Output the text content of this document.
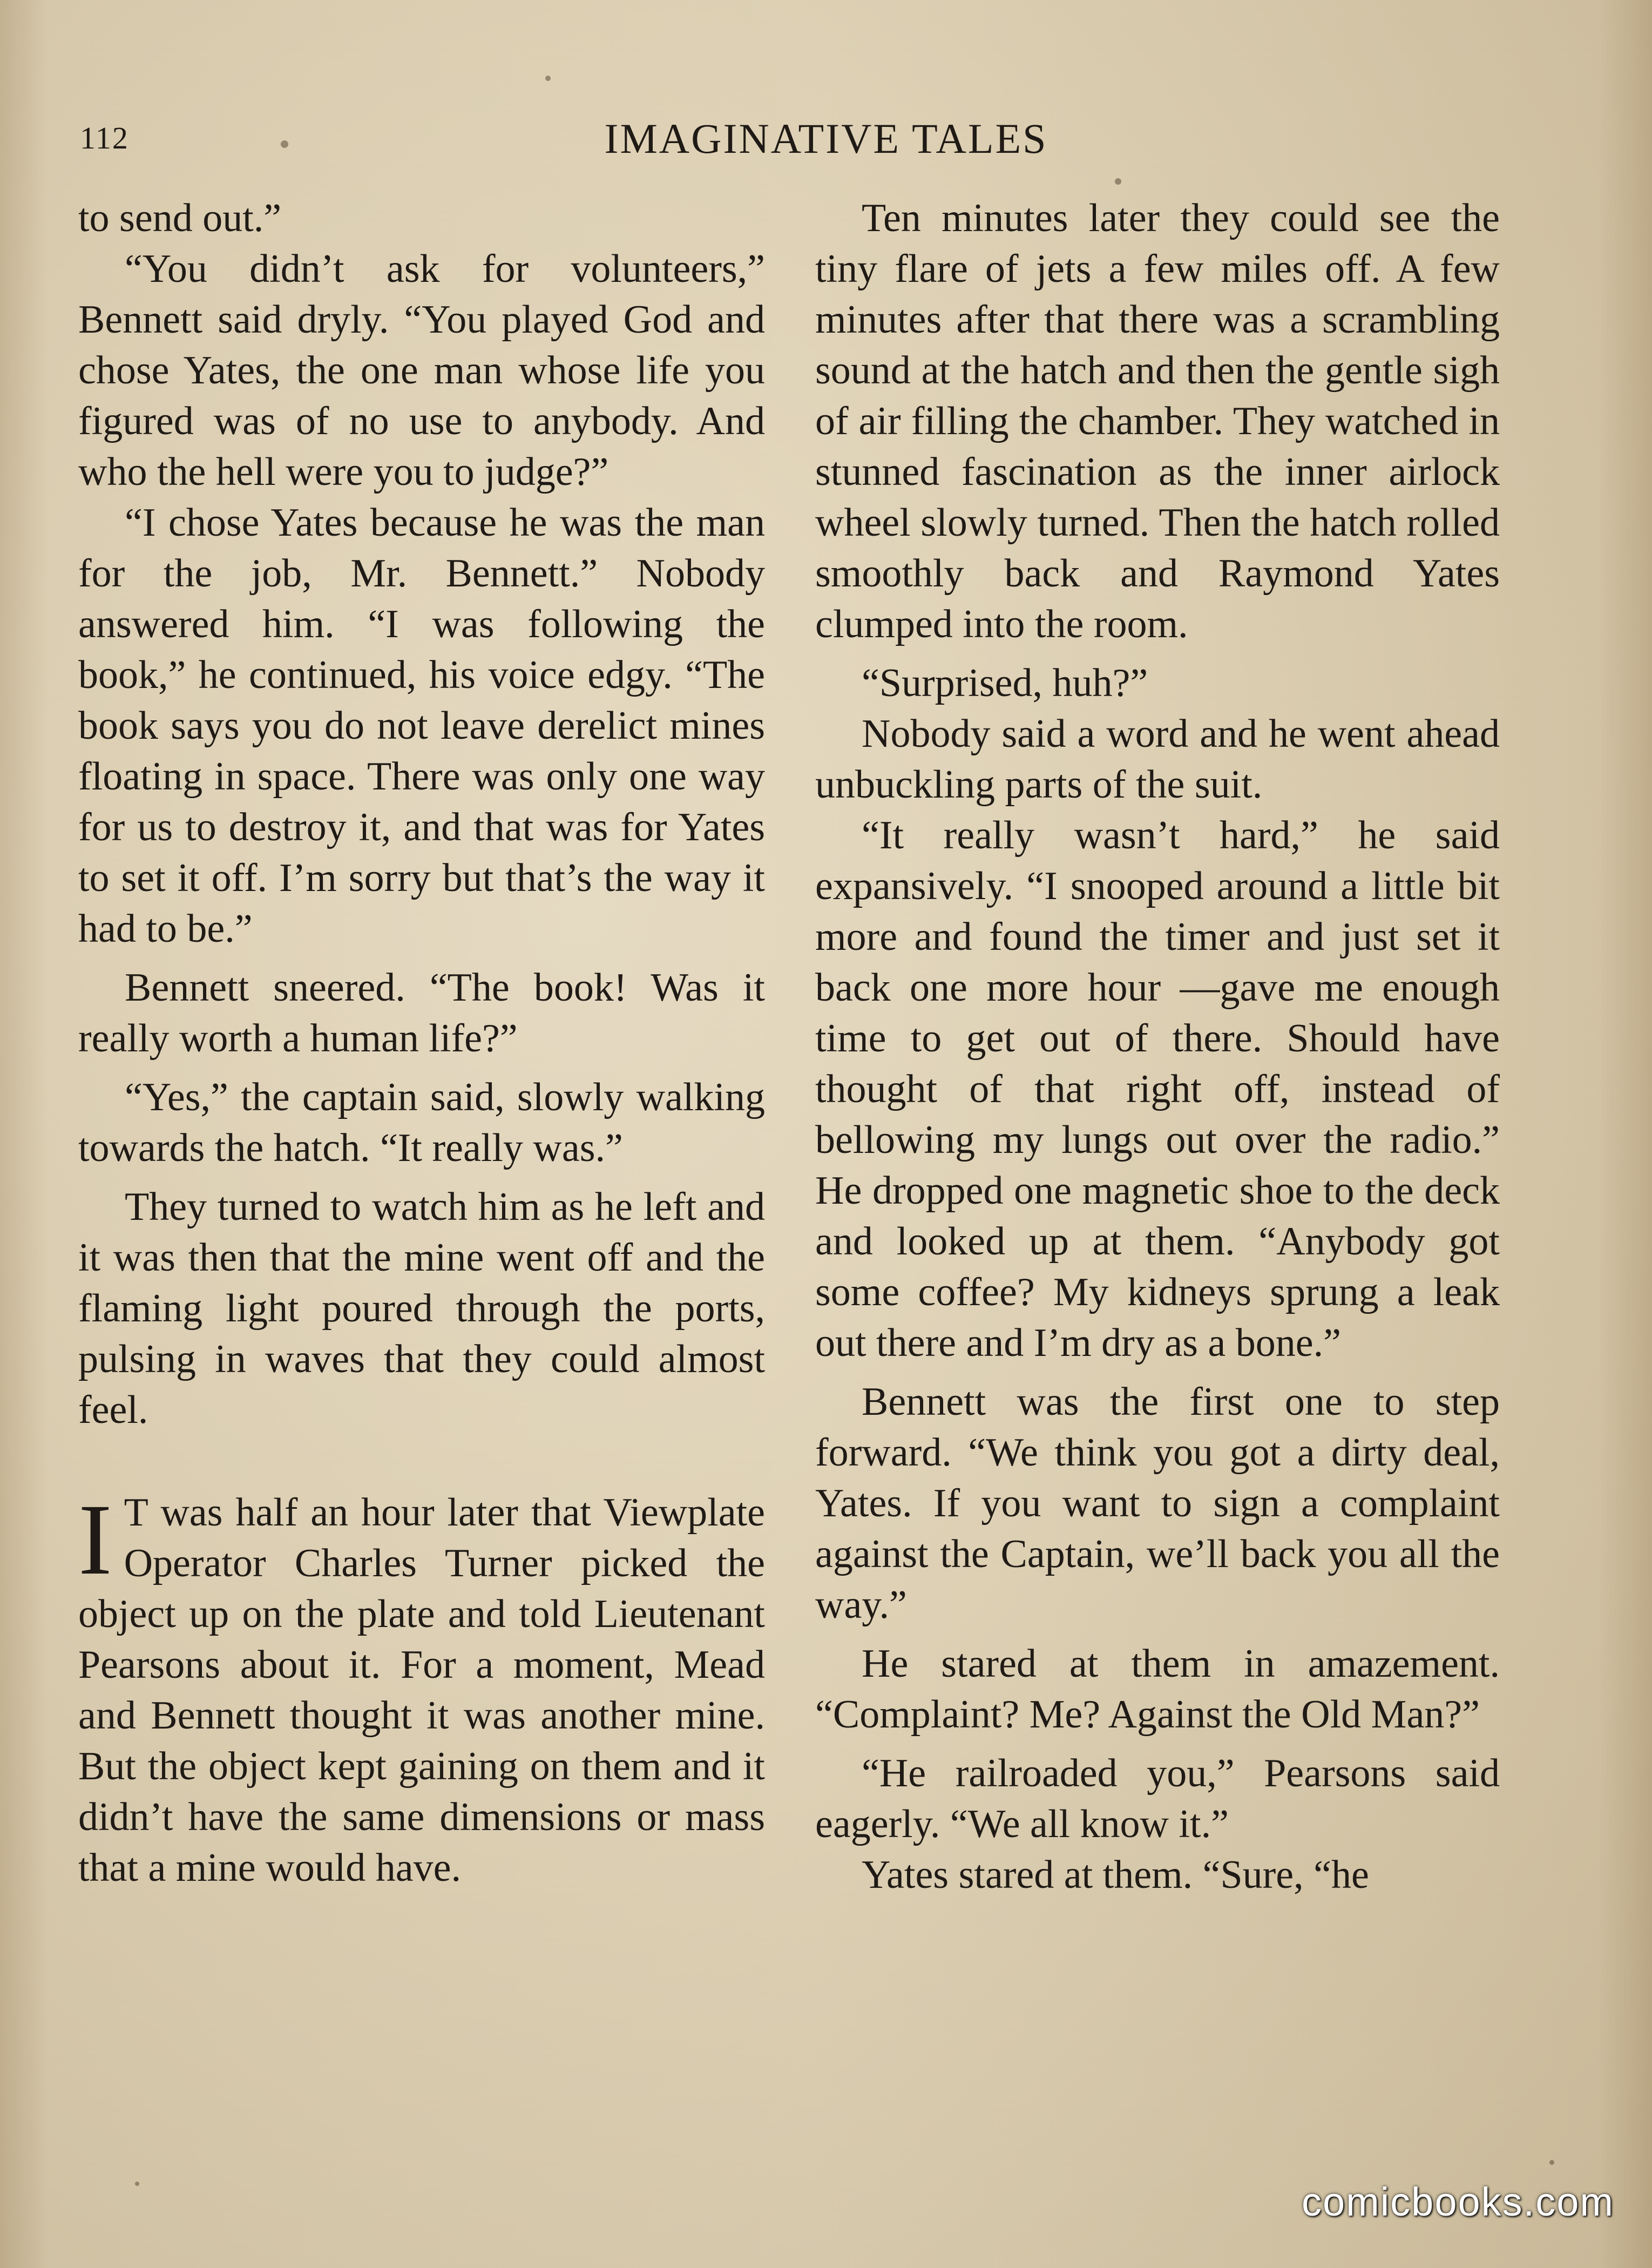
112	IMAGINATIVE TALES

to send out.”

“You didn’t ask for volunteers,” Bennett said dryly. “You played God and chose Yates, the one man whose life you figured was of no use to anybody. And who the hell were you to judge?”

“I chose Yates because he was the man for the job, Mr. Bennett.” Nobody answered him. “I was following the book,” he continued, his voice edgy. “The book says you do not leave derelict mines floating in space. There was only one way for us to destroy it, and that was for Yates to set it off. I’m sorry but that’s the way it had to be.”

Bennett sneered. “The book! Was it really worth a human life?”

“Yes,” the captain said, slowly walking towards the hatch. “It really was.”

They turned to watch him as he left and it was then that the mine went off and the flaming light poured through the ports, pulsing in waves that they could almost feel.

I T was half an hour later that Viewplate Operator Charles Turner picked the object up on the plate and told Lieutenant Pearsons about it. For a moment, Mead and Bennett thought it was another mine. But the object kept gaining on them and it didn’t have the same dimensions or mass that a mine would have.

Ten minutes later they could see the tiny flare of jets a few miles off. A few minutes after that there was a scrambling sound at the hatch and then the gentle sigh of air filling the chamber. They watched in stunned fascination as the inner airlock wheel slowly turned. Then the hatch rolled smoothly back and Raymond Yates clumped into the room.

“Surprised, huh?”

Nobody said a word and he went ahead unbuckling parts of the suit.

“It really wasn’t hard,” he said expansively. “I snooped around a little bit more and found the timer and just set it back one more hour —gave me enough time to get out of there. Should have thought of that right off, instead of bellowing my lungs out over the radio.” He dropped one magnetic shoe to the deck and looked up at them. “Anybody got some coffee? My kidneys sprung a leak out there and I’m dry as a bone.”

Bennett was the first one to step forward. “We think you got a dirty deal, Yates. If you want to sign a complaint against the Captain, we’ll back you all the way.”

He stared at them in amazement. “Complaint? Me? Against the Old Man?”

“He railroaded you,” Pearsons said eagerly. “We all know it.”

Yates stared at them. “Sure, “he

comicbooks.com
